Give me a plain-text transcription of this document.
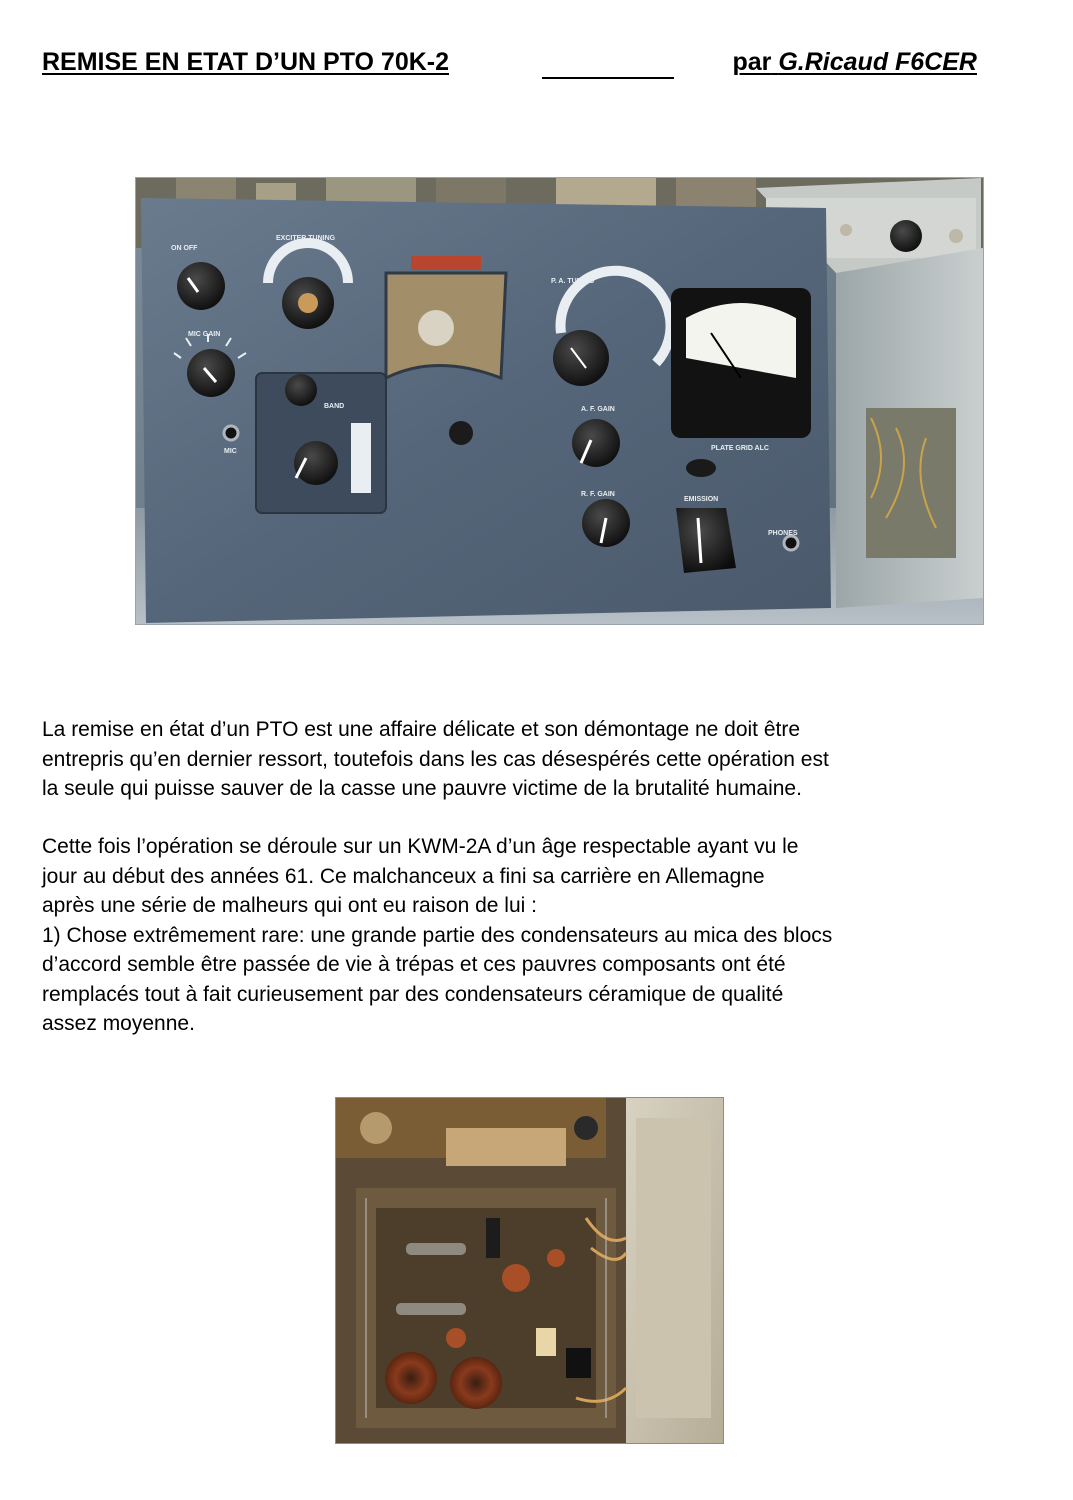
REMISE EN ETAT D’UN PTO 70K-2	par G.Ricaud F6CER
EXCITER TUNING
P. A. TUNING
MIC GAIN
A. F. GAIN
R. F. GAIN
EMISSION
MIC
PHONES
PLATE GRID ALC
BAND
ON OFF

La remise en état d’un PTO est une affaire délicate et son démontage ne doit être
entrepris qu’en dernier ressort, toutefois dans les cas désespérés cette opération est
la seule qui puisse sauver de la casse une pauvre victime de la brutalité humaine.

Cette fois l’opération se déroule sur un KWM-2A d’un âge respectable ayant vu le
jour au début des années 61. Ce malchanceux a fini sa carrière en Allemagne
après une série de malheurs qui ont eu raison de lui :
1) Chose extrêmement rare: une grande partie des condensateurs au mica des blocs
d’accord semble être passée de vie à trépas et ces pauvres composants ont été
remplacés tout à fait curieusement par des condensateurs céramique de qualité
assez moyenne.
